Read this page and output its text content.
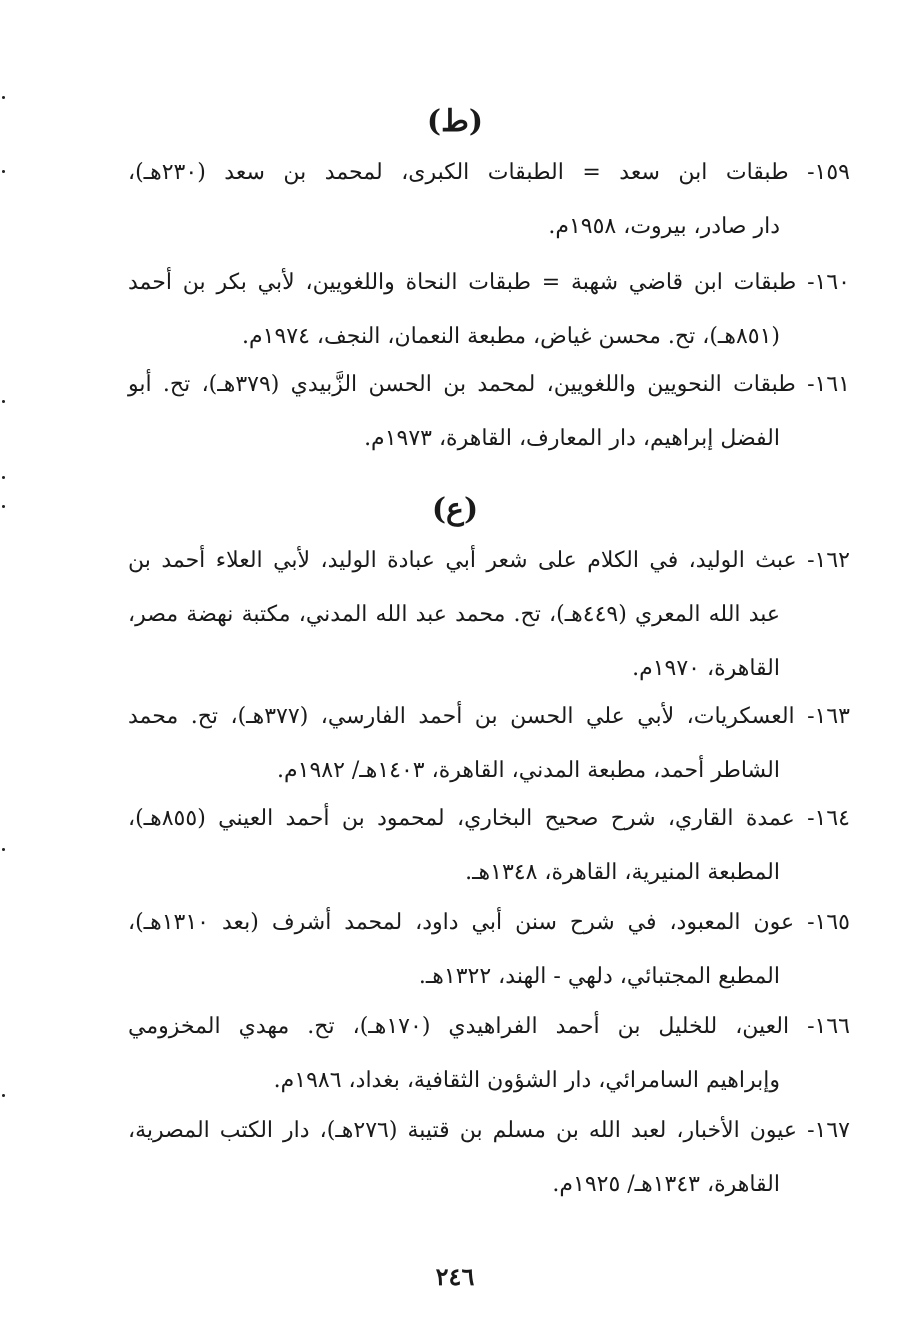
(ط)
١٥٩- طبقات ابن سعد = الطبقات الكبرى، لمحمد بن سعد (٢٣٠هـ)،
دار صادر، بيروت، ١٩٥٨م.
١٦٠- طبقات ابن قاضي شهبة = طبقات النحاة واللغويين، لأبي بكر بن أحمد
(٨٥١هـ)، تح. محسن غياض، مطبعة النعمان، النجف، ١٩٧٤م.
١٦١- طبقات النحويين واللغويين، لمحمد بن الحسن الزَّبيدي (٣٧٩هـ)، تح. أبو
الفضل إبراهيم، دار المعارف، القاهرة، ١٩٧٣م.
(ع)
١٦٢- عبث الوليد، في الكلام على شعر أبي عبادة الوليد، لأبي العلاء أحمد بن
عبد الله المعري (٤٤٩هـ)، تح. محمد عبد الله المدني، مكتبة نهضة مصر،
القاهرة، ١٩٧٠م.
١٦٣- العسكريات، لأبي علي الحسن بن أحمد الفارسي، (٣٧٧هـ)، تح. محمد
الشاطر أحمد، مطبعة المدني، القاهرة، ١٤٠٣هـ/ ١٩٨٢م.
١٦٤- عمدة القاري، شرح صحيح البخاري، لمحمود بن أحمد العيني (٨٥٥هـ)،
المطبعة المنيرية، القاهرة، ١٣٤٨هـ.
١٦٥- عون المعبود، في شرح سنن أبي داود، لمحمد أشرف (بعد ١٣١٠هـ)،
المطبع المجتبائي، دلهي - الهند، ١٣٢٢هـ.
١٦٦- العين، للخليل بن أحمد الفراهيدي (١٧٠هـ)، تح. مهدي المخزومي
وإبراهيم السامرائي، دار الشؤون الثقافية، بغداد، ١٩٨٦م.
١٦٧- عيون الأخبار، لعبد الله بن مسلم بن قتيبة (٢٧٦هـ)، دار الكتب المصرية،
القاهرة، ١٣٤٣هـ/ ١٩٢٥م.
٢٤٦
